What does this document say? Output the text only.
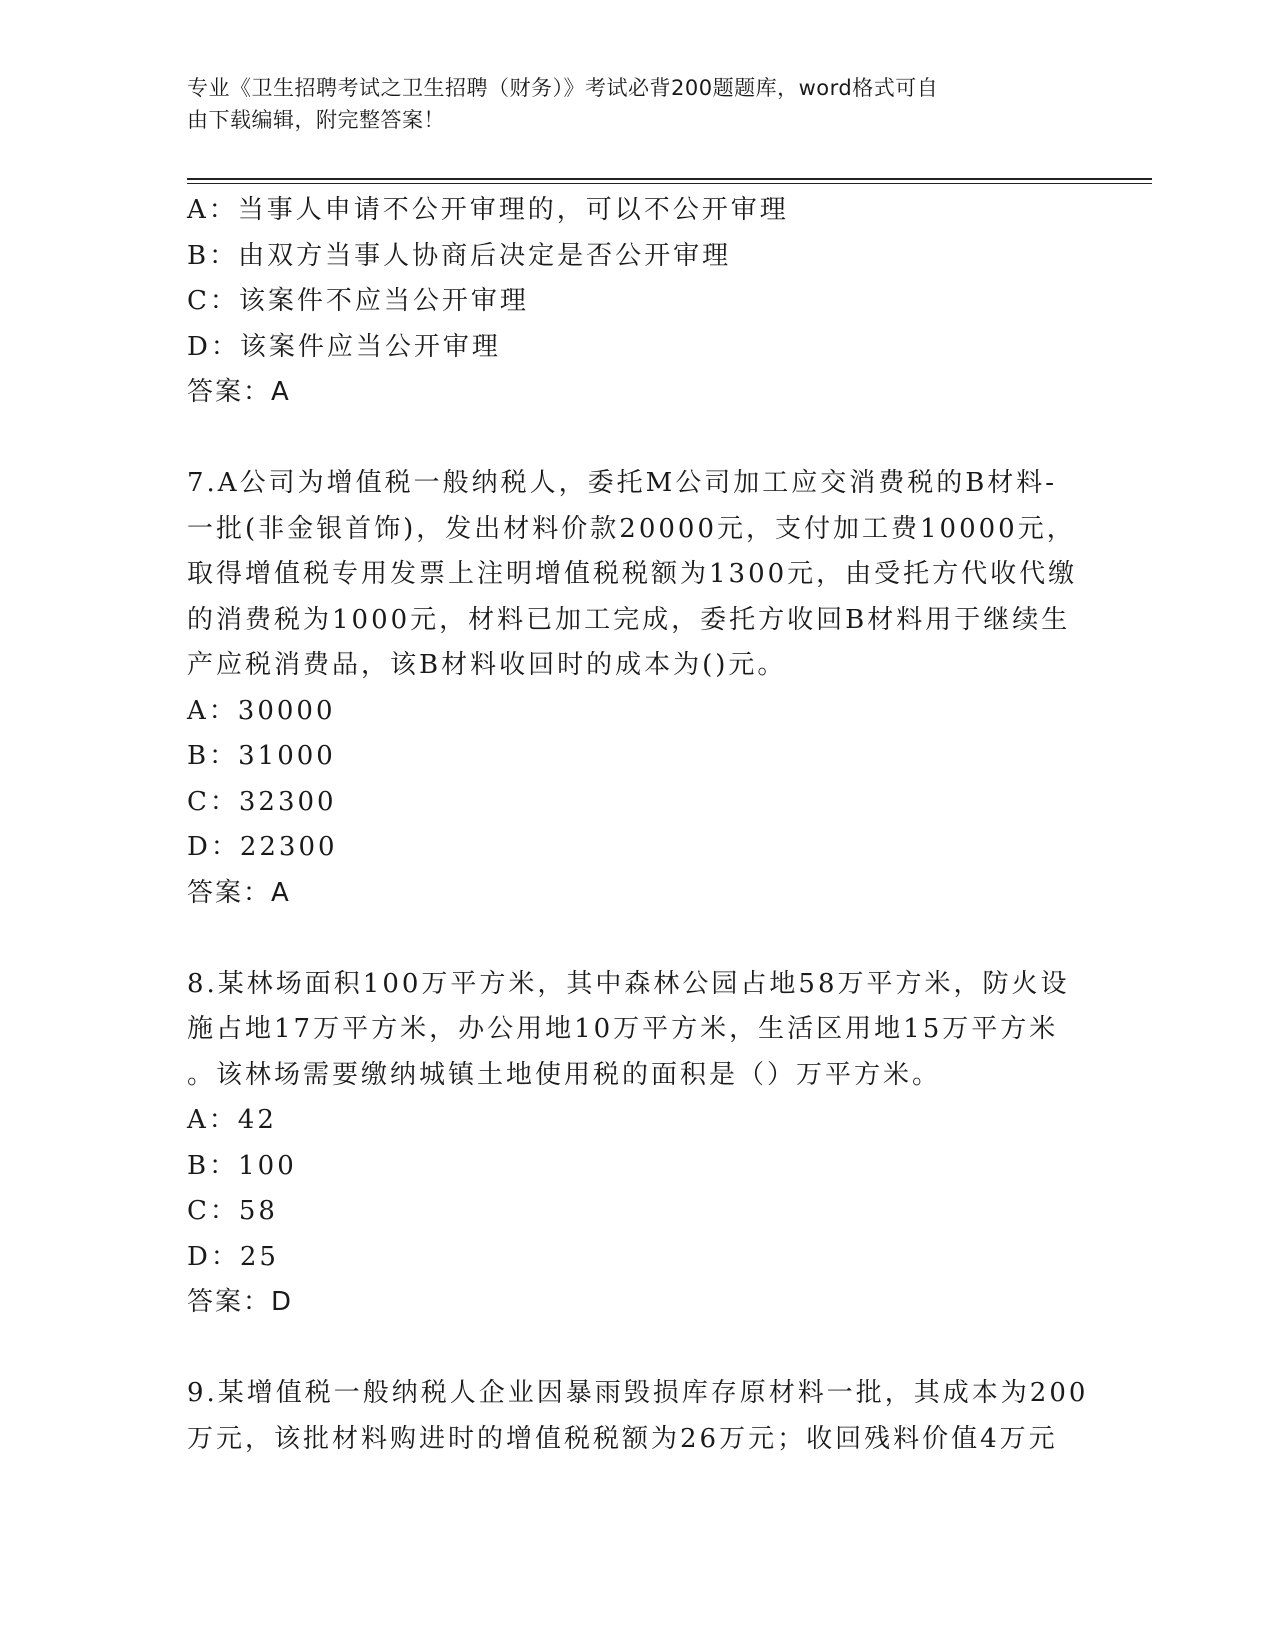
专业《卫生招聘考试之卫生招聘（财务）》考试必背200题题库，word格式可自
由下载编辑，附完整答案！
A：当事人申请不公开审理的，可以不公开审理
B：由双方当事人协商后决定是否公开审理
C：该案件不应当公开审理
D：该案件应当公开审理
答案：A
7.A公司为增值税一般纳税人，委托M公司加工应交消费税的B材料-
一批(非金银首饰)，发出材料价款20000元，支付加工费10000元，
取得增值税专用发票上注明增值税税额为1300元，由受托方代收代缴
的消费税为1000元，材料已加工完成，委托方收回B材料用于继续生
产应税消费品，该B材料收回时的成本为()元。
A：30000
B：31000
C：32300
D：22300
答案：A
8.某林场面积100万平方米，其中森林公园占地58万平方米，防火设
施占地17万平方米，办公用地10万平方米，生活区用地15万平方米
。该林场需要缴纳城镇土地使用税的面积是（）万平方米。
A：42
B：100
C：58
D：25
答案：D
9.某增值税一般纳税人企业因暴雨毁损库存原材料一批，其成本为200
万元，该批材料购进时的增值税税额为26万元；收回残料价值4万元
